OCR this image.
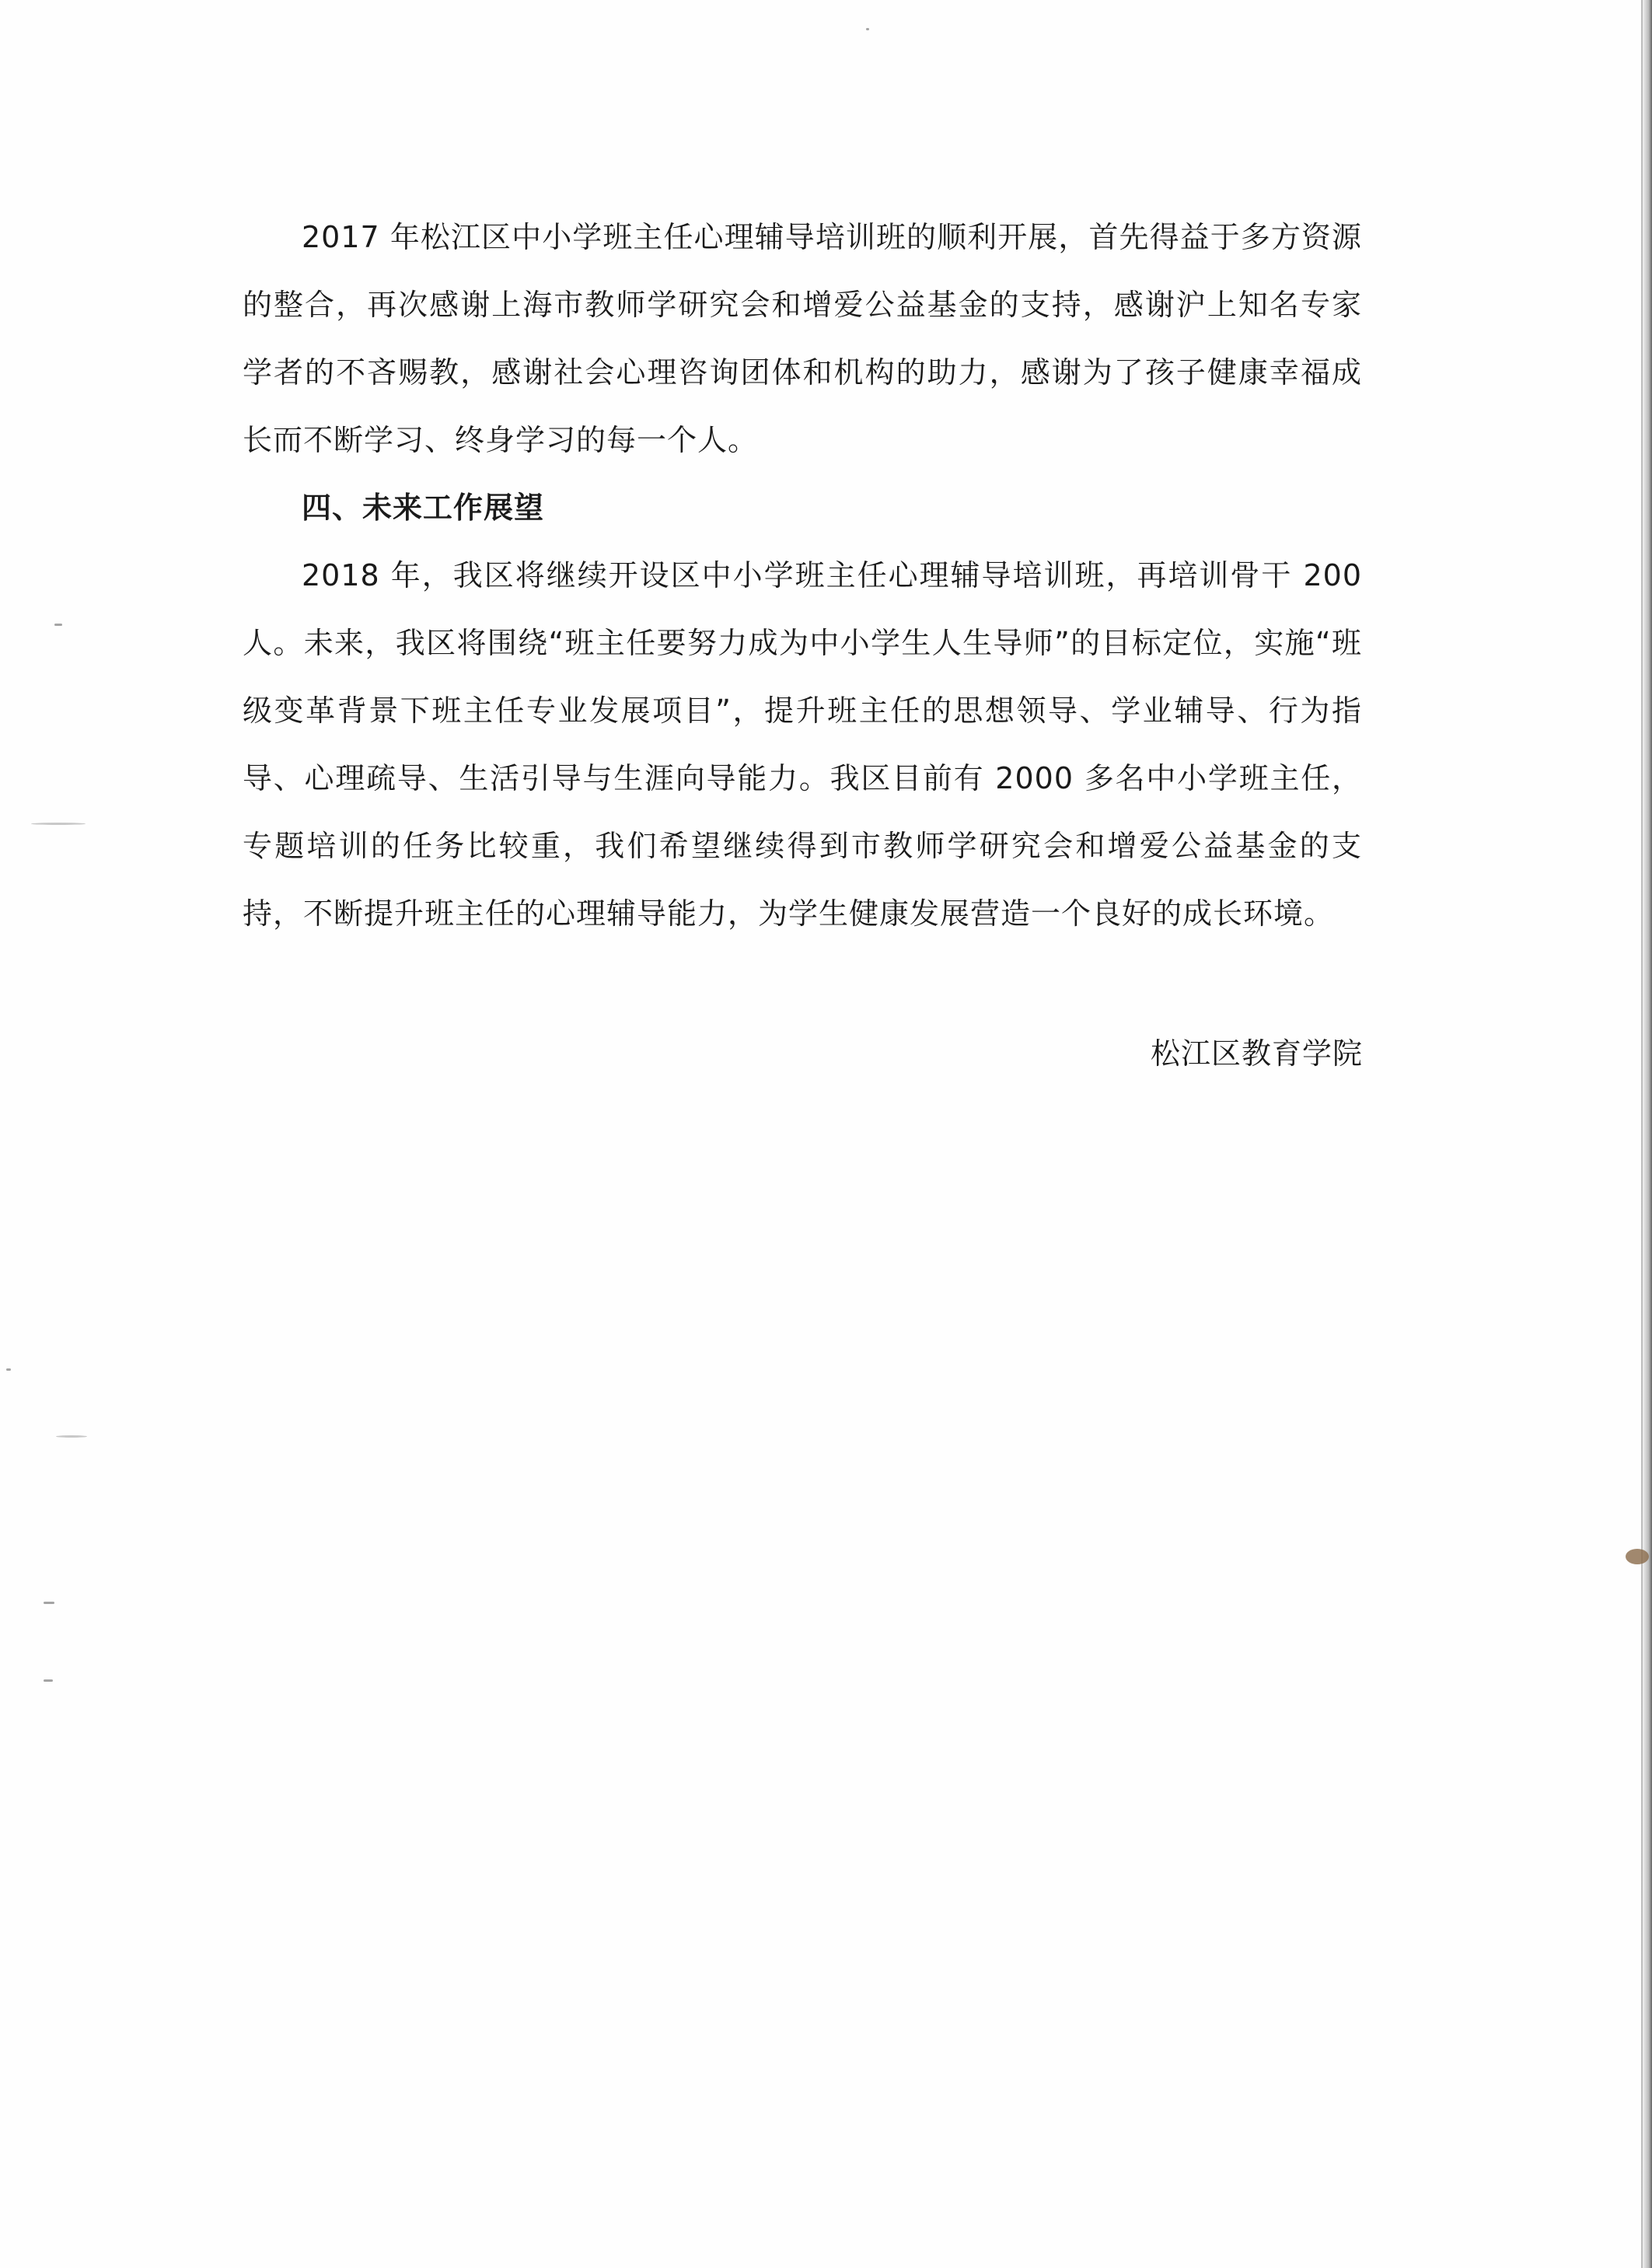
2017 年松江区中小学班主任心理辅导培训班的顺利开展，首先得益于多方资源的整合，再次感谢上海市教师学研究会和增爱公益基金的支持，感谢沪上知名专家学者的不吝赐教，感谢社会心理咨询团体和机构的助力，感谢为了孩子健康幸福成长而不断学习、终身学习的每一个人。

四、未来工作展望

2018 年，我区将继续开设区中小学班主任心理辅导培训班，再培训骨干 200 人。未来，我区将围绕“班主任要努力成为中小学生人生导师”的目标定位，实施“班级变革背景下班主任专业发展项目”，提升班主任的思想领导、学业辅导、行为指导、心理疏导、生活引导与生涯向导能力。我区目前有 2000 多名中小学班主任，专题培训的任务比较重，我们希望继续得到市教师学研究会和增爱公益基金的支持，不断提升班主任的心理辅导能力，为学生健康发展营造一个良好的成长环境。

松江区教育学院
